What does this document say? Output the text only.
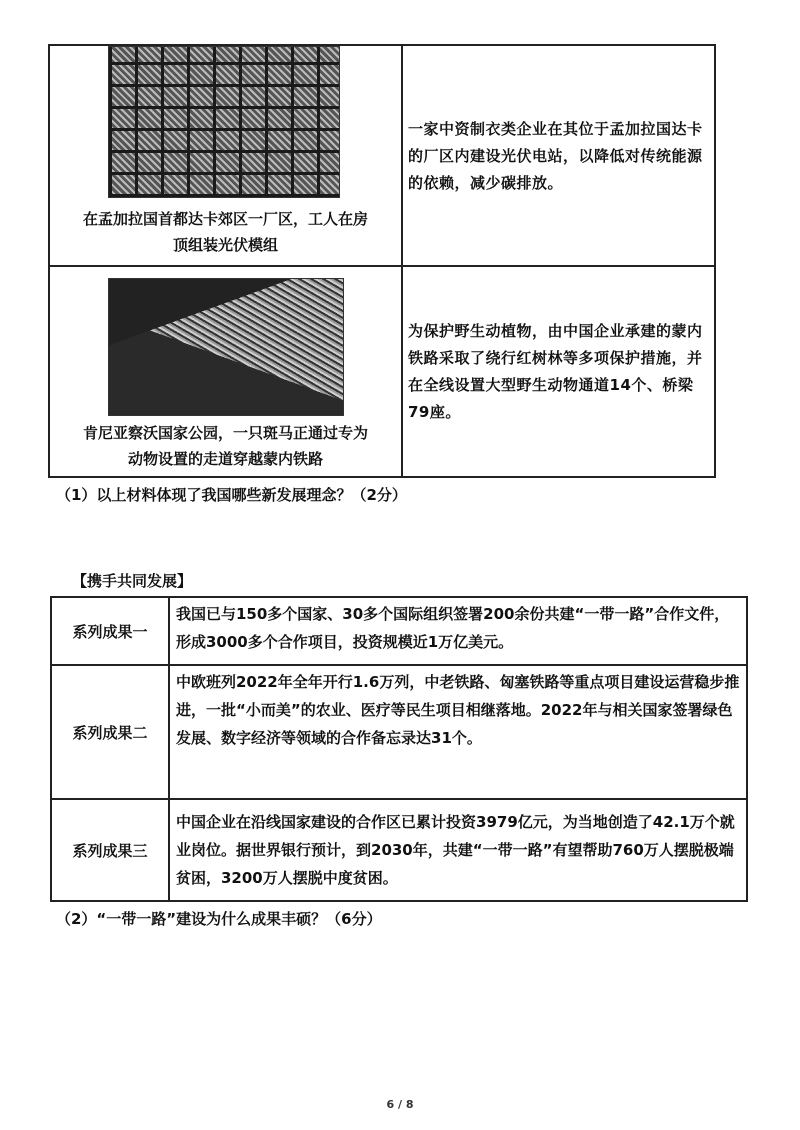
在孟加拉国首都达卡郊区一厂区，工人在房
顶组装光伏模组
一家中资制衣类企业在其位于孟加拉国达卡的厂区内建设光伏电站，以降低对传统能源的依赖，减少碳排放。
肯尼亚察沃国家公园，一只斑马正通过专为
动物设置的走道穿越蒙内铁路
为保护野生动植物，由中国企业承建的蒙内铁路采取了绕行红树林等多项保护措施，并在全线设置大型野生动物通道14个、桥梁79座。
（1）以上材料体现了我国哪些新发展理念？（2分）
【携手共同发展】
系列成果一
我国已与150多个国家、30多个国际组织签署200余份共建“一带一路”合作文件，形成3000多个合作项目，投资规模近1万亿美元。
系列成果二
中欧班列2022年全年开行1.6万列，中老铁路、匈塞铁路等重点项目建设运营稳步推进，一批“小而美”的农业、医疗等民生项目相继落地。2022年与相关国家签署绿色发展、数字经济等领域的合作备忘录达31个。
系列成果三
中国企业在沿线国家建设的合作区已累计投资3979亿元，为当地创造了42.1万个就业岗位。据世界银行预计，到2030年，共建“一带一路”有望帮助760万人摆脱极端贫困，3200万人摆脱中度贫困。
（2）“一带一路”建设为什么成果丰硕？（6分）
6 / 8
